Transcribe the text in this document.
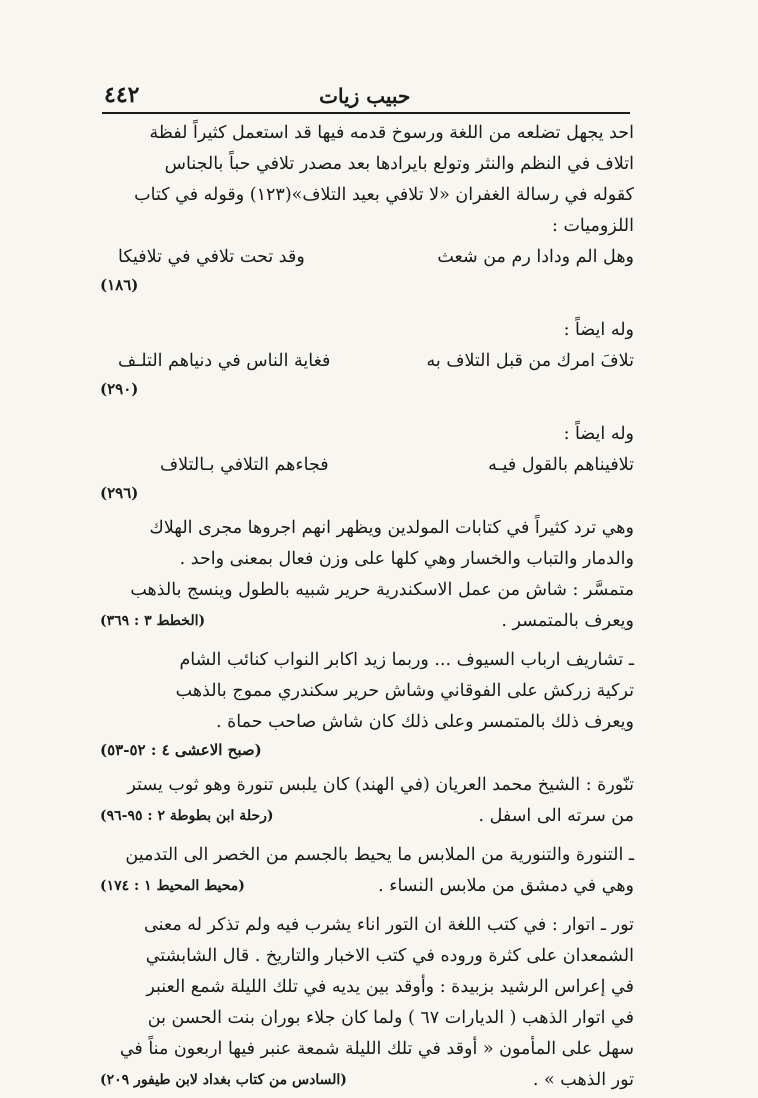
٤٤٢	حبيب زيات

احد يجهل تضلعه من اللغة ورسوخ قدمه فيها قد استعمل كثيراً لفظة

اتلاف في النظم والنثر وتولع بايرادها بعد مصدر تلافي حباً بالجناس

كقوله في رسالة الغفران «لا تلافي بعيد التلاف»(١٢٣) وقوله في كتاب

اللزوميات :

وهل الم ودادا رم من شعث
وقد تحت تلافي في تلافيكا

(١٨٦)

وله ايضاً :

تلافَ امرك من قبل التلاف به
فغاية الناس في دنياهم التلـف

(٢٩٠)

وله ايضاً :

تلافيناهم بالقول فيـه
فجاءهم التلافي بـالتلاف

(٢٩٦)

وهي ترد كثيراً في كتابات المولدين ويظهر انهم اجروها مجرى الهلاك

والدمار والتباب والخسار وهي كلها على وزن فعال بمعنى واحد .

متمسَّر : شاش من عمل الاسكندرية حرير شبيه بالطول وينسج بالذهب

ويعرف بالمتمسر .
(الخطط ٣ : ٣٦٩)

ـ تشاريف ارباب السيوف ... وربما زيد اكابر النواب كنائب الشام

تركية زركش على الفوقاني وشاش حرير سكندري مموج بالذهب

ويعرف ذلك بالمتمسر وعلى ذلك كان شاش صاحب حماة .

(صبح الاعشى ٤ : ٥٢-٥٣)

تنّورة : الشيخ محمد العريان (في الهند) كان يلبس تنورة وهو ثوب يستر

من سرته الى اسفل .
(رحلة ابن بطوطة ٢ : ٩٥-٩٦)

ـ التنورة والتنورية من الملابس ما يحيط بالجسم من الخصر الى التدمين

وهي في دمشق من ملابس النساء .
(محيط المحيط ١ : ١٧٤)

تور ـ اتوار : في كتب اللغة ان التور اناء يشرب فيه ولم تذكر له معنى

الشمعدان على كثرة وروده في كتب الاخبار والتاريخ . قال الشابشتي

في إعراس الرشيد بزبيدة : وأوقد بين يديه في تلك الليلة شمع العنبر

في اتوار الذهب ( الديارات ٦٧ ) ولما كان جلاء بوران بنت الحسن بن

سهل على المأمون « أوقد في تلك الليلة شمعة عنبر فيها اربعون مناً في

تور الذهب » .
(السادس من كتاب بغداد لابن طيفور ٢٠٩)
